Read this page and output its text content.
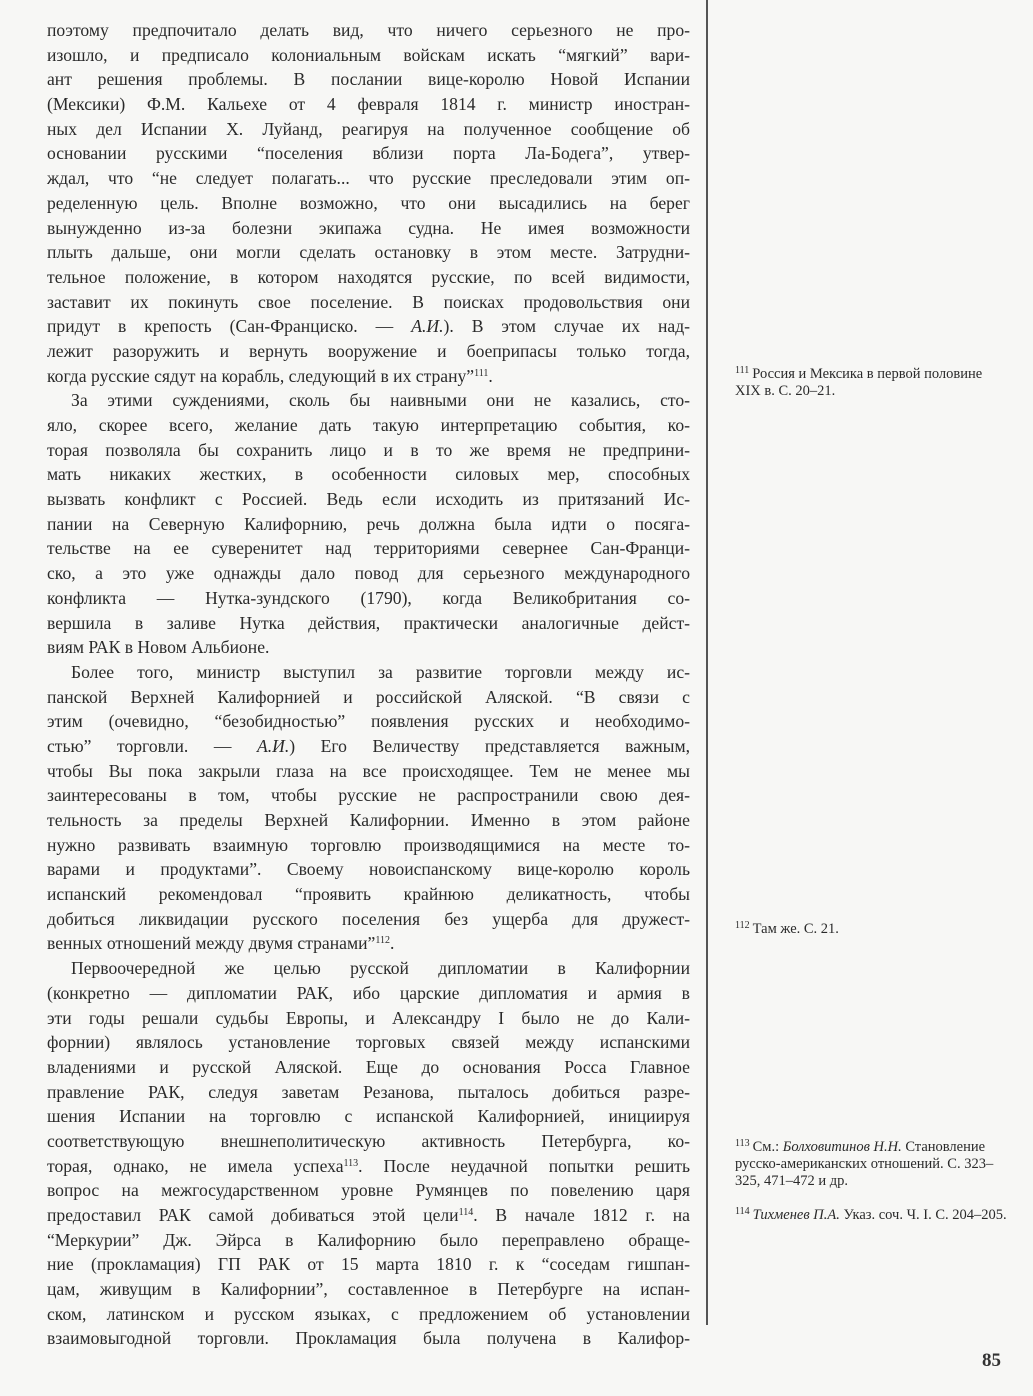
поэтому предпочитало делать вид, что ничего серьезного не про-
изошло, и предписало колониальным войскам искать “мягкий” вари-
ант решения проблемы. В послании вице-королю Новой Испании
(Мексики) Ф.М. Кальехе от 4 февраля 1814 г. министр иностран-
ных дел Испании Х. Луйанд, реагируя на полученное сообщение об
основании русскими “поселения вблизи порта Ла-Бодега”, утвер-
ждал, что “не следует полагать... что русские преследовали этим оп-
ределенную цель. Вполне возможно, что они высадились на берег
вынужденно из-за болезни экипажа судна. Не имея возможности
плыть дальше, они могли сделать остановку в этом месте. Затрудни-
тельное положение, в котором находятся русские, по всей видимости,
заставит их покинуть свое поселение. В поисках продовольствия они
придут в крепость (Сан-Франциско. — А.И.). В этом случае их над-
лежит разоружить и вернуть вооружение и боеприпасы только тогда,
когда русские сядут на корабль, следующий в их страну”$^{111}$.
За этими суждениями, сколь бы наивными они не казались, сто-
яло, скорее всего, желание дать такую интерпретацию события, ко-
торая позволяла бы сохранить лицо и в то же время не предприни-
мать никаких жестких, в особенности силовых мер, способных
вызвать конфликт с Россией. Ведь если исходить из притязаний Ис-
пании на Северную Калифорнию, речь должна была идти о посяга-
тельстве на ее суверенитет над территориями севернее Сан-Франци-
ско, а это уже однажды дало повод для серьезного международного
конфликта — Нутка-зундского (1790), когда Великобритания со-
вершила в заливе Нутка действия, практически аналогичные дейст-
виям РАК в Новом Альбионе.
Более того, министр выступил за развитие торговли между ис-
панской Верхней Калифорнией и российской Аляской. “В связи с
этим (очевидно, “безобидностью” появления русских и необходимо-
стью” торговли. — А.И.) Его Величеству представляется важным,
чтобы Вы пока закрыли глаза на все происходящее. Тем не менее мы
заинтересованы в том, чтобы русские не распространили свою дея-
тельность за пределы Верхней Калифорнии. Именно в этом районе
нужно развивать взаимную торговлю производящимися на месте то-
варами и продуктами”. Своему новоиспанскому вице-королю король
испанский рекомендовал “проявить крайнюю деликатность, чтобы
добиться ликвидации русского поселения без ущерба для дружест-
венных отношений между двумя странами”$^{112}$.
Первоочередной же целью русской дипломатии в Калифорнии
(конкретно — дипломатии РАК, ибо царские дипломатия и армия в
эти годы решали судьбы Европы, и Александру I было не до Кали-
форнии) являлось установление торговых связей между испанскими
владениями и русской Аляской. Еще до основания Росса Главное
правление РАК, следуя заветам Резанова, пыталось добиться разре-
шения Испании на торговлю с испанской Калифорнией, инициируя
соответствующую внешнеполитическую активность Петербурга, ко-
торая, однако, не имела успеха$^{113}$. После неудачной попытки решить
вопрос на межгосударственном уровне Румянцев по повелению царя
предоставил РАК самой добиваться этой цели$^{114}$. В начале 1812 г. на
“Меркурии” Дж. Эйрса в Калифорнию было переправлено обраще-
ние (прокламация) ГП РАК от 15 марта 1810 г. к “соседам гишпан-
цам, живущим в Калифорнии”, составленное в Петербурге на испан-
ском, латинском и русском языках, с предложением об установлении
взаимовыгодной торговли. Прокламация была получена в Калифор-
$^{111}$ Россия и Мексика в первой половине XIX в. С. 20–21.
$^{112}$ Там же. С. 21.
$^{113}$ См.: Болховитинов Н.Н. Становление русско-американских отношений. С. 323–325, 471–472 и др.
$^{114}$ Тихменев П.А. Указ. соч. Ч. I. С. 204–205.
85
